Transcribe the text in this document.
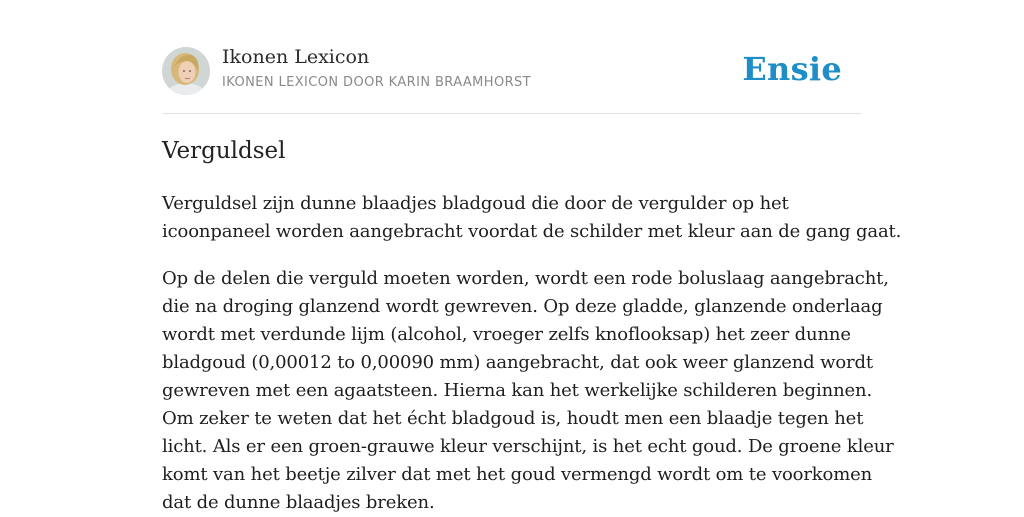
Ikonen Lexicon
IKONEN LEXICON DOOR KARIN BRAAMHORST	Ensie
Verguldsel

Verguldsel zijn dunne blaadjes bladgoud die door de vergulder op het
icoonpaneel worden aangebracht voordat de schilder met kleur aan de gang gaat.

Op de delen die verguld moeten worden, wordt een rode boluslaag aangebracht,
die na droging glanzend wordt gewreven. Op deze gladde, glanzende onderlaag
wordt met verdunde lijm (alcohol, vroeger zelfs knoflooksap) het zeer dunne
bladgoud (0,00012 to 0,00090 mm) aangebracht, dat ook weer glanzend wordt
gewreven met een agaatsteen. Hierna kan het werkelijke schilderen beginnen.
Om zeker te weten dat het écht bladgoud is, houdt men een blaadje tegen het
licht. Als er een groen-grauwe kleur verschijnt, is het echt goud. De groene kleur
komt van het beetje zilver dat met het goud vermengd wordt om te voorkomen
dat de dunne blaadjes breken.
